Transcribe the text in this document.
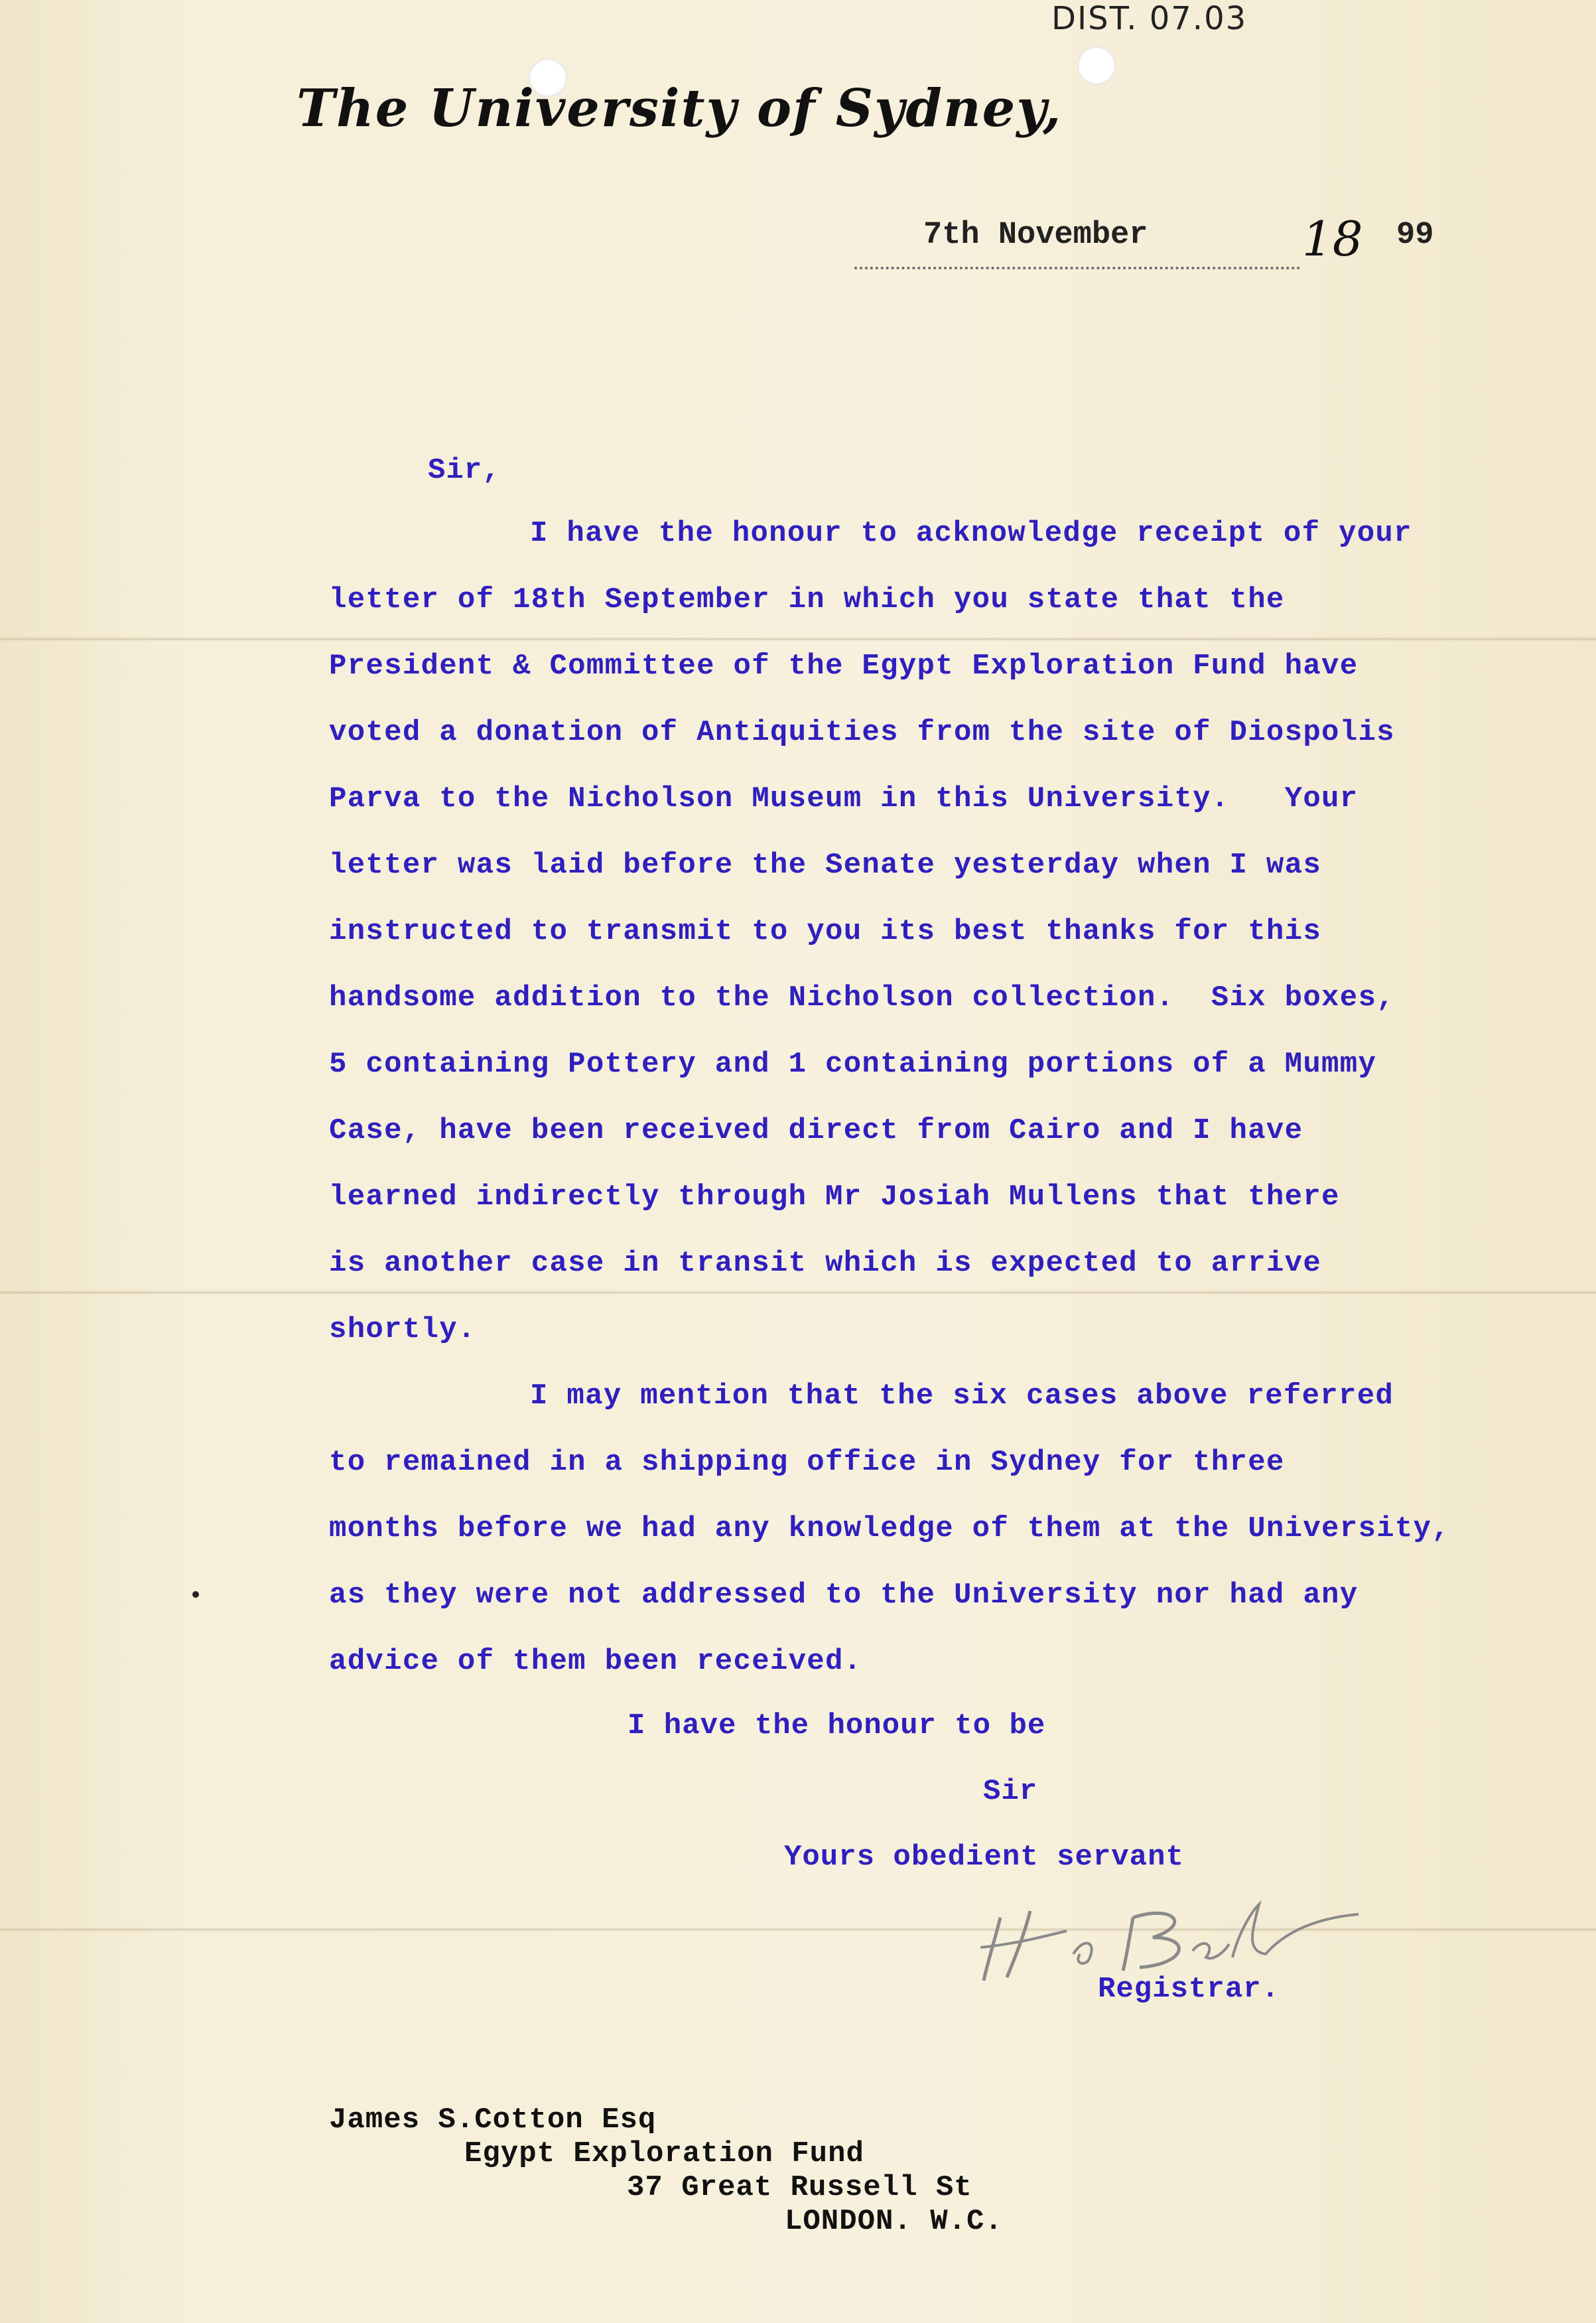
DIST. 07.03
The University of Sydney,
7th November	18 99
Sir,
I have the honour to acknowledge receipt of your
letter of 18th September in which you state that the
President & Committee of the Egypt Exploration Fund have
voted a donation of Antiquities from the site of Diospolis
Parva to the Nicholson Museum in this University.   Your
letter was laid before the Senate yesterday when I was
instructed to transmit to you its best thanks for this
handsome addition to the Nicholson collection.  Six boxes,
5 containing Pottery and 1 containing portions of a Mummy
Case, have been received direct from Cairo and I have
learned indirectly through Mr Josiah Mullens that there
is another case in transit which is expected to arrive
shortly.
I may mention that the six cases above referred
to remained in a shipping office in Sydney for three
months before we had any knowledge of them at the University,
as they were not addressed to the University nor had any
advice of them been received.
I have the honour to be
Sir
Yours obedient servant
Registrar.
James S.Cotton Esq
Egypt Exploration Fund
37 Great Russell St
LONDON. W.C.
